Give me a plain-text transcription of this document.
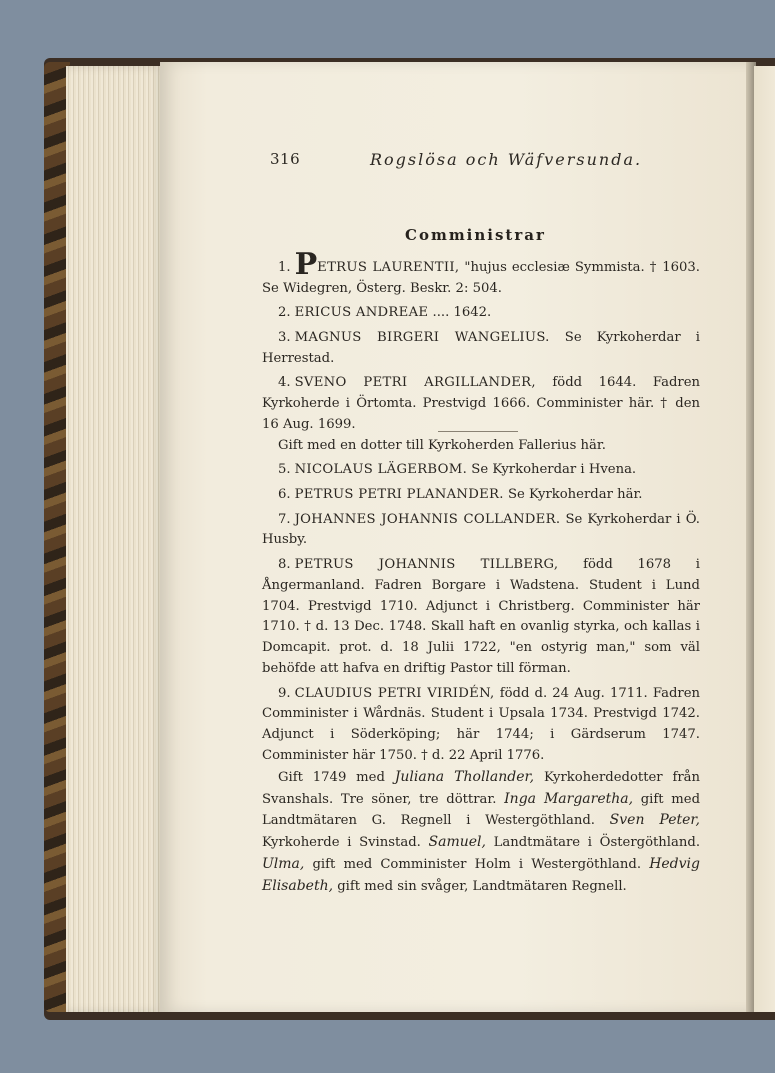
316	Rogslösa och Wäfversunda.
Comministrar

1. PETRUS LAURENTII, "hujus ecclesiæ Symmista. † 1603. Se Widegren, Österg. Beskr. 2: 504.

2. ERICUS ANDREAE .... 1642.

3. MAGNUS BIRGERI WANGELIUS. Se Kyrkoherdar i Herrestad.

4. SVENO PETRI ARGILLANDER, född 1644. Fadren Kyrkoherde i Örtomta. Prestvigd 1666. Comminister här. † den 16 Aug. 1699.

Gift med en dotter till Kyrkoherden Fallerius här.

5. NICOLAUS LÄGERBOM. Se Kyrkoherdar i Hvena.

6. PETRUS PETRI PLANANDER. Se Kyrkoherdar här.

7. JOHANNES JOHANNIS COLLANDER. Se Kyrkoherdar i Ö. Husby.

8. PETRUS JOHANNIS TILLBERG, född 1678 i Ångermanland. Fadren Borgare i Wadstena. Student i Lund 1704. Prestvigd 1710. Adjunct i Christberg. Comminister här 1710. † d. 13 Dec. 1748. Skall haft en ovanlig styrka, och kallas i Domcapit. prot. d. 18 Julii 1722, "en ostyrig man," som väl behöfde att hafva en driftig Pastor till förman.

9. CLAUDIUS PETRI VIRIDÉN, född d. 24 Aug. 1711. Fadren Comminister i Wårdnäs. Student i Upsala 1734. Prestvigd 1742. Adjunct i Söderköping; här 1744; i Gärdserum 1747. Comminister här 1750. † d. 22 April 1776.

Gift 1749 med Juliana Thollander, Kyrkoherdedotter från Svanshals. Tre söner, tre döttrar. Inga Margaretha, gift med Landtmätaren G. Regnell i Westergöthland. Sven Peter, Kyrkoherde i Svinstad. Samuel, Landtmätare i Östergöthland. Ulma, gift med Comminister Holm i Westergöthland. Hedvig Elisabeth, gift med sin svåger, Landtmätaren Regnell.
